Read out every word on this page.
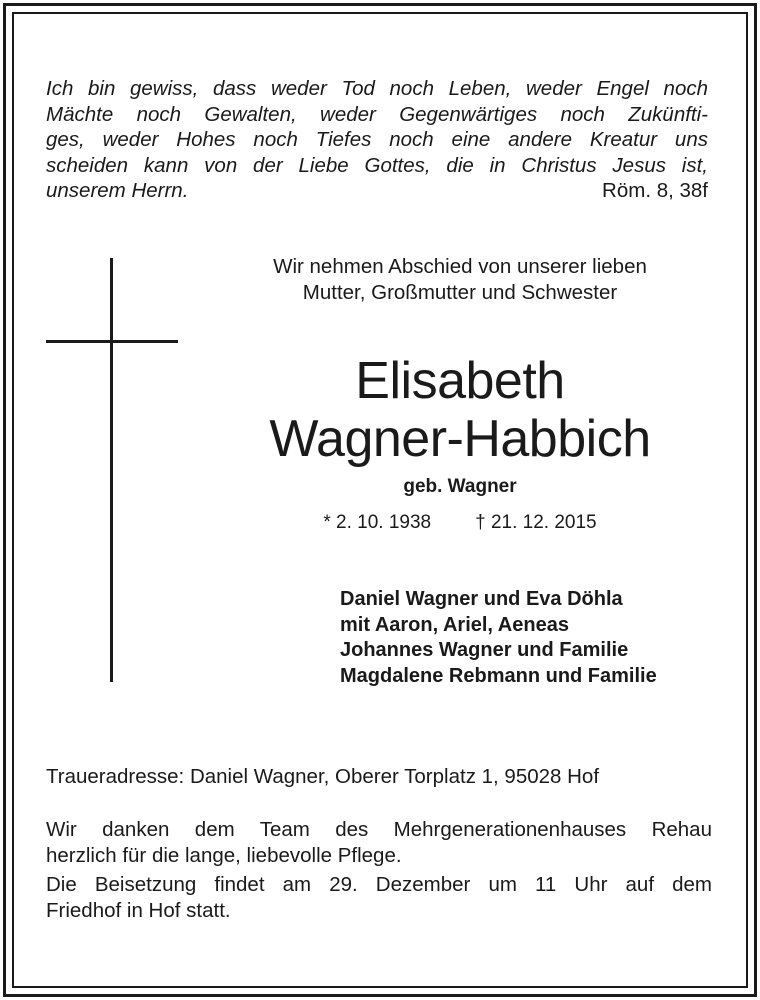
Ich bin gewiss, dass weder Tod noch Leben, weder Engel noch
Mächte noch Gewalten, weder Gegenwärtiges noch Zukünfti-
ges, weder Hohes noch Tiefes noch eine andere Kreatur uns
scheiden kann von der Liebe Gottes, die in Christus Jesus ist,
unserem Herrn.	Röm. 8, 38f
Wir nehmen Abschied von unserer lieben
Mutter, Großmutter und Schwester
Elisabeth
Wagner-Habbich
geb. Wagner
* 2. 10. 1938 † 21. 12. 2015
Daniel Wagner und Eva Döhla
mit Aaron, Ariel, Aeneas
Johannes Wagner und Familie
Magdalene Rebmann und Familie
Traueradresse: Daniel Wagner, Oberer Torplatz 1, 95028 Hof
Wir danken dem Team des Mehrgenerationenhauses Rehau
herzlich für die lange, liebevolle Pflege.
Die Beisetzung findet am 29. Dezember um 11 Uhr auf dem
Friedhof in Hof statt.
